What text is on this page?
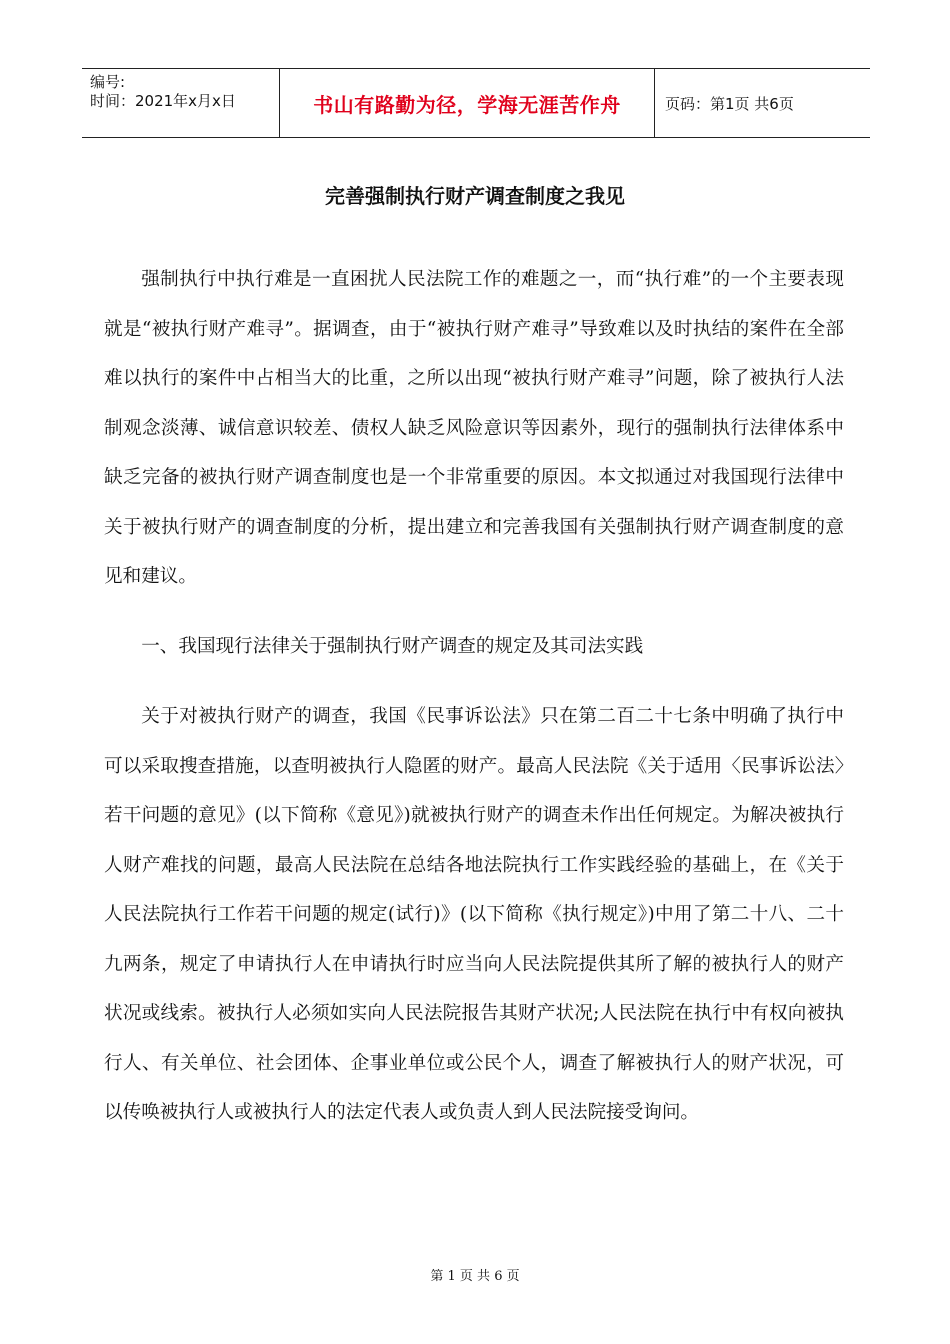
编号:
时间：2021年x月x日	书山有路勤为径，学海无涯苦作舟	页码：第1页 共6页
完善强制执行财产调查制度之我见

强制执行中执行难是一直困扰人民法院工作的难题之一，而“执行难”的一个主要表现就是“被执行财产难寻”。据调查，由于“被执行财产难寻”导致难以及时执结的案件在全部难以执行的案件中占相当大的比重，之所以出现“被执行财产难寻”问题，除了被执行人法制观念淡薄、诚信意识较差、债权人缺乏风险意识等因素外，现行的强制执行法律体系中缺乏完备的被执行财产调查制度也是一个非常重要的原因。本文拟通过对我国现行法律中关于被执行财产的调查制度的分析，提出建立和完善我国有关强制执行财产调查制度的意见和建议。

一、我国现行法律关于强制执行财产调查的规定及其司法实践

关于对被执行财产的调查，我国《民事诉讼法》只在第二百二十七条中明确了执行中可以采取搜查措施，以查明被执行人隐匿的财产。最高人民法院《关于适用〈民事诉讼法〉若干问题的意见》(以下简称《意见》)就被执行财产的调查未作出任何规定。为解决被执行人财产难找的问题，最高人民法院在总结各地法院执行工作实践经验的基础上，在《关于人民法院执行工作若干问题的规定(试行)》(以下简称《执行规定》)中用了第二十八、二十九两条，规定了申请执行人在申请执行时应当向人民法院提供其所了解的被执行人的财产状况或线索。被执行人必须如实向人民法院报告其财产状况;人民法院在执行中有权向被执行人、有关单位、社会团体、企事业单位或公民个人，调查了解被执行人的财产状况，可以传唤被执行人或被执行人的法定代表人或负责人到人民法院接受询问。

第 1 页 共 6 页
